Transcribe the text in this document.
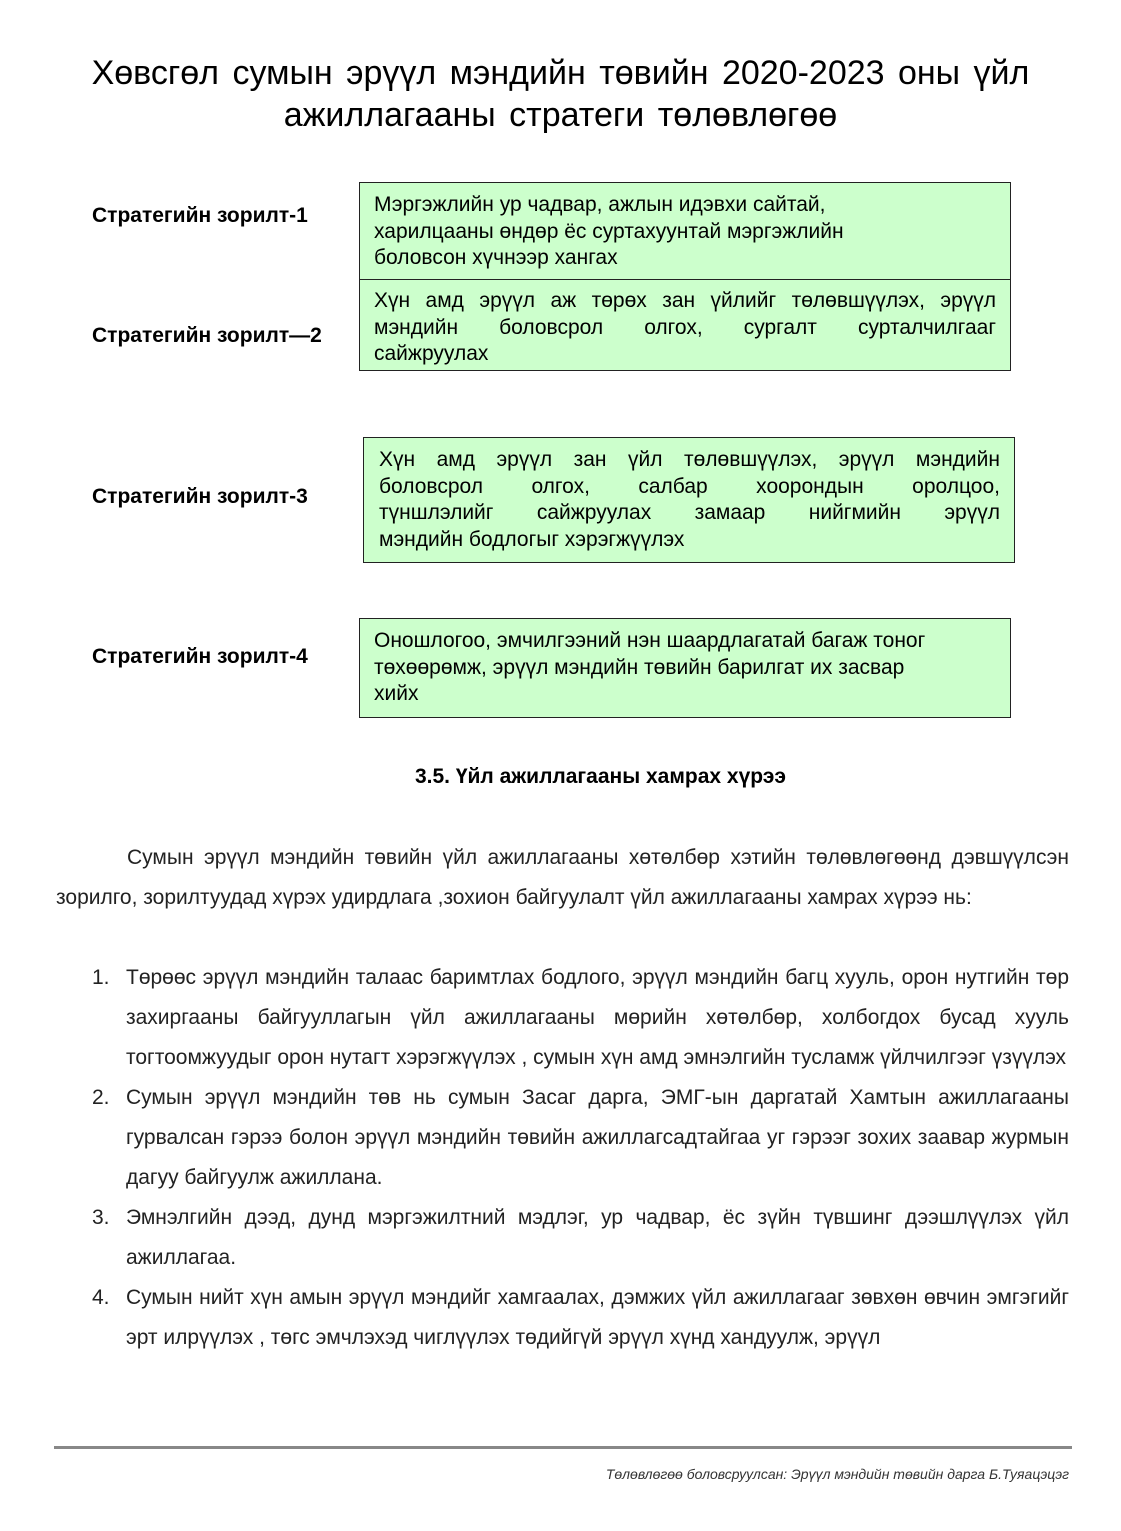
Хөвсгөл сумын эрүүл мэндийн төвийн 2020-2023 оны үйл
ажиллагааны стратеги төлөвлөгөө
Стратегийн зорилт-1	Мэргэжлийн ур чадвар, ажлын идэвхи сайтай,
харилцааны өндөр ёс суртахуунтай мэргэжлийн
боловсон хүчнээр хангах
Стратегийн зорилт—2
Хүн амд эрүүл аж төрөх зан үйлийг төлөвшүүлэх, эрүүл
мэндийн боловсрол олгох, сургалт сурталчилгааг
сайжруулах
Стратегийн зорилт-3
Хүн амд эрүүл зан үйл төлөвшүүлэх, эрүүл мэндийн
боловсрол олгох, салбар хоорондын оролцоо,
түншлэлийг сайжруулах замаар нийгмийн эрүүл
мэндийн бодлогыг хэрэгжүүлэх
Стратегийн зорилт-4
Оношлогоо, эмчилгээний нэн шаардлагатай багаж тоног
төхөөрөмж, эрүүл мэндийн төвийн барилгат их засвар
хийх
3.5. Үйл ажиллагааны хамрах хүрээ

Сумын эрүүл мэндийн төвийн үйл ажиллагааны хөтөлбөр хэтийн төлөвлөгөөнд дэвшүүлсэн зорилго, зорилтуудад хүрэх удирдлага ,зохион байгуулалт үйл ажиллагааны хамрах хүрээ нь:

1. Төрөөс эрүүл мэндийн талаас баримтлах бодлого, эрүүл мэндийн багц хууль, орон нутгийн төр захиргааны байгууллагын үйл ажиллагааны мөрийн хөтөлбөр, холбогдох бусад хууль тогтоомжуудыг орон нутагт хэрэгжүүлэх , сумын хүн амд эмнэлгийн тусламж үйлчилгээг үзүүлэх
2. Сумын эрүүл мэндийн төв нь сумын Засаг дарга, ЭМГ-ын даргатай Хамтын ажиллагааны гурвалсан гэрээ болон эрүүл мэндийн төвийн ажиллагсадтайгаа уг гэрээг зохих заавар журмын дагуу байгуулж ажиллана.
3. Эмнэлгийн дээд, дунд мэргэжилтний мэдлэг, ур чадвар, ёс зүйн түвшинг дээшлүүлэх үйл ажиллагаа.
4. Сумын нийт хүн амын эрүүл мэндийг хамгаалах, дэмжих үйл ажиллагааг зөвхөн өвчин эмгэгийг эрт илрүүлэх , төгс эмчлэхэд чиглүүлэх төдийгүй эрүүл хүнд хандуулж, эрүүл
Төлөвлөгөө боловсруулсан: Эрүүл мэндийн төвийн дарга Б.Туяацэцэг
